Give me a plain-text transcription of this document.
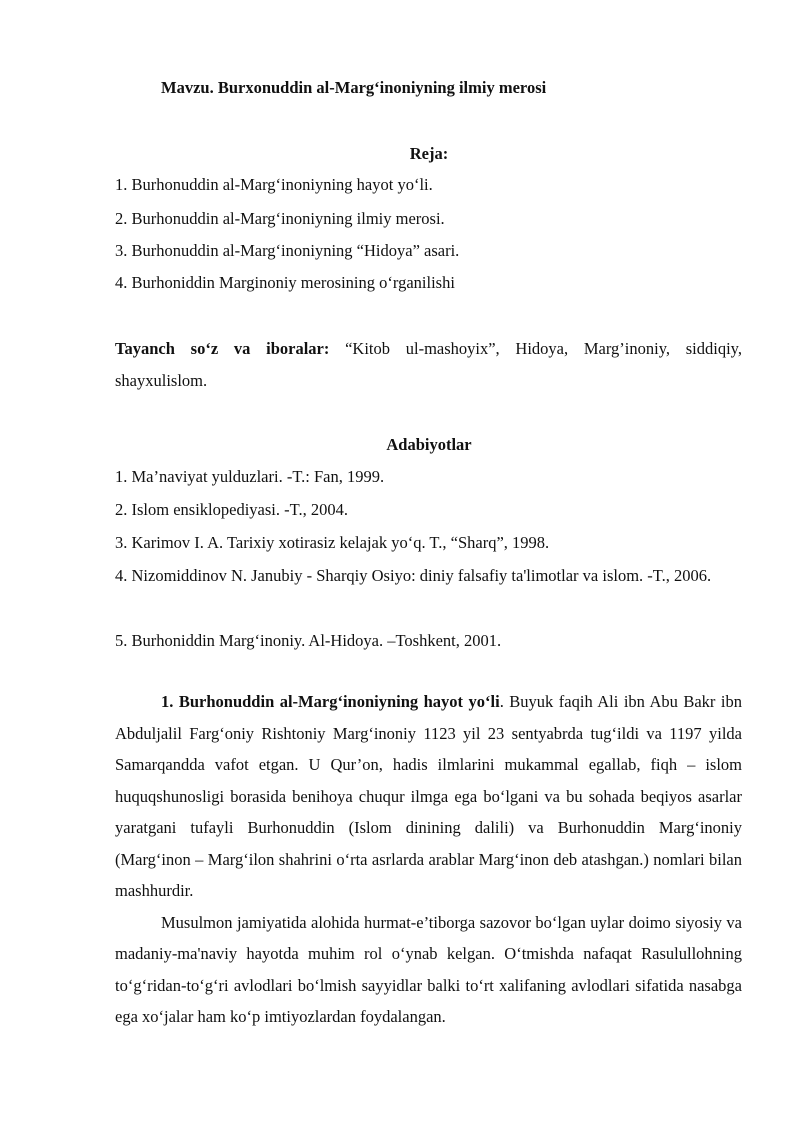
Mavzu. Burxonuddin al-Marg‘inoniyning ilmiy merosi
Reja:
1. Burhonuddin al-Marg‘inoniyning hayot yo‘li.
2. Burhonuddin al-Marg‘inoniyning ilmiy merosi.
3. Burhonuddin al-Marg‘inoniyning “Hidoya” asari.
4. Burhoniddin Marginoniy merosining o‘rganilishi
Tayanch so‘z va iboralar: “Kitob ul-mashoyix”, Hidoya, Marg’inoniy, siddiqiy, shayxulislom.
Adabiyotlar
1. Ma’naviyat yulduzlari. -T.: Fan, 1999.
2. Islom ensiklopediyasi. -T., 2004.
3. Karimov I. A. Tarixiy xotirasiz kelajak yo‘q. T., “Sharq”, 1998.
4. Nizomiddinov N. Janubiy - Sharqiy Osiyo: diniy falsafiy ta'limotlar va islom. -T., 2006.
5. Burhoniddin Marg‘inoniy. Al-Hidoya. –Toshkent, 2001.
1. Burhonuddin al-Marg‘inoniyning hayot yo‘li. Buyuk faqih Ali ibn Abu Bakr ibn Abduljalil Farg‘oniy Rishtoniy Marg‘inoniy 1123 yil 23 sentyabrda tug‘ildi va 1197 yilda Samarqandda vafot etgan. U Qur’on, hadis ilmlarini mukammal egallab, fiqh – islom huquqshunosligi borasida benihoya chuqur ilmga ega bo‘lgani va bu sohada beqiyos asarlar yaratgani tufayli Burhonuddin (Islom dinining dalili) va Burhonuddin Marg‘inoniy (Marg‘inon – Marg‘ilon shahrini o‘rta asrlarda arablar Marg‘inon deb atashgan.) nomlari bilan mashhurdir.
Musulmon jamiyatida alohida hurmat-e’tiborga sazovor bo‘lgan uylar doimo siyosiy va madaniy-ma'naviy hayotda muhim rol o‘ynab kelgan. O‘tmishda nafaqat Rasulullohning to‘g‘ridan-to‘g‘ri avlodlari bo‘lmish sayyidlar balki to‘rt xalifaning avlodlari sifatida nasabga ega xo‘jalar ham ko‘p imtiyozlardan foydalangan.
